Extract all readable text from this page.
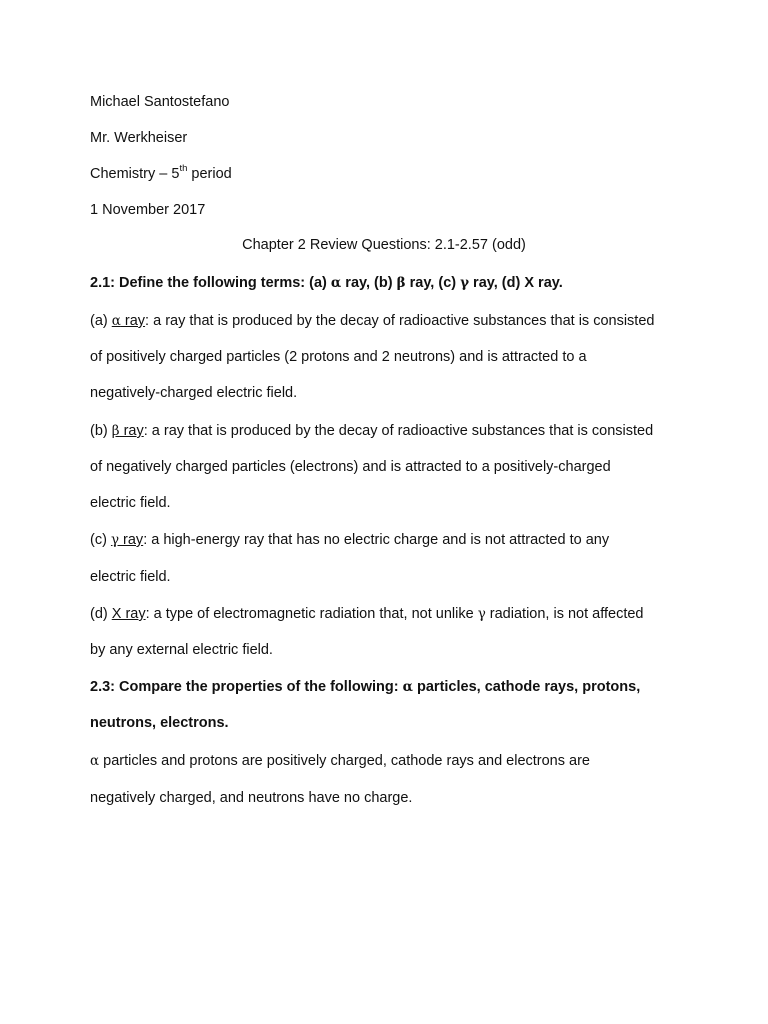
Michael Santostefano
Mr. Werkheiser
Chemistry – 5th period
1 November 2017
Chapter 2 Review Questions: 2.1-2.57 (odd)
2.1: Define the following terms: (a) α ray, (b) β ray, (c) γ ray, (d) X ray.
(a) α ray: a ray that is produced by the decay of radioactive substances that is consisted
of positively charged particles (2 protons and 2 neutrons) and is attracted to a
negatively-charged electric field.
(b) β ray: a ray that is produced by the decay of radioactive substances that is consisted
of negatively charged particles (electrons) and is attracted to a positively-charged
electric field.
(c) γ ray: a high-energy ray that has no electric charge and is not attracted to any
electric field.
(d) X ray: a type of electromagnetic radiation that, not unlike γ radiation, is not affected
by any external electric field.
2.3: Compare the properties of the following: α particles, cathode rays, protons,
neutrons, electrons.
α particles and protons are positively charged, cathode rays and electrons are
negatively charged, and neutrons have no charge.
